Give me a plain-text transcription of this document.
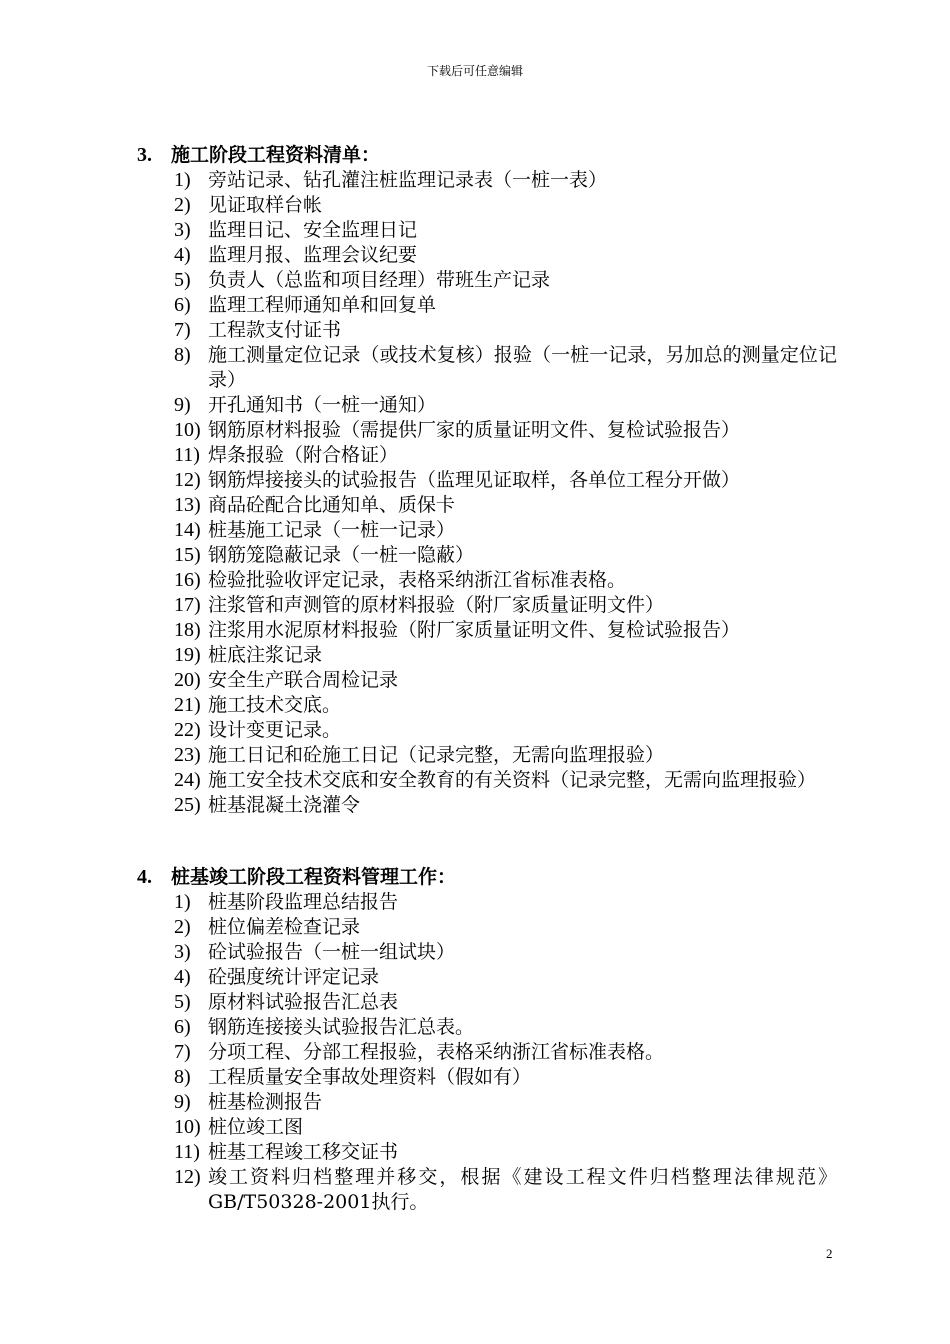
下载后可任意编辑
3. 施工阶段工程资料清单：
1) 旁站记录、钻孔灌注桩监理记录表（一桩一表）
2) 见证取样台帐
3) 监理日记、安全监理日记
4) 监理月报、监理会议纪要
5) 负责人（总监和项目经理）带班生产记录
6) 监理工程师通知单和回复单
7) 工程款支付证书
8) 施工测量定位记录（或技术复核）报验（一桩一记录，另加总的测量定位记录）
9) 开孔通知书（一桩一通知）
10) 钢筋原材料报验（需提供厂家的质量证明文件、复检试验报告）
11) 焊条报验（附合格证）
12) 钢筋焊接接头的试验报告（监理见证取样，各单位工程分开做）
13) 商品砼配合比通知单、质保卡
14) 桩基施工记录（一桩一记录）
15) 钢筋笼隐蔽记录（一桩一隐蔽）
16) 检验批验收评定记录，表格采纳浙江省标准表格。
17) 注浆管和声测管的原材料报验（附厂家质量证明文件）
18) 注浆用水泥原材料报验（附厂家质量证明文件、复检试验报告）
19) 桩底注浆记录
20) 安全生产联合周检记录
21) 施工技术交底。
22) 设计变更记录。
23) 施工日记和砼施工日记（记录完整，无需向监理报验）
24) 施工安全技术交底和安全教育的有关资料（记录完整，无需向监理报验）
25) 桩基混凝土浇灌令
4. 桩基竣工阶段工程资料管理工作：
1) 桩基阶段监理总结报告
2) 桩位偏差检查记录
3) 砼试验报告（一桩一组试块）
4) 砼强度统计评定记录
5) 原材料试验报告汇总表
6) 钢筋连接接头试验报告汇总表。
7) 分项工程、分部工程报验，表格采纳浙江省标准表格。
8) 工程质量安全事故处理资料（假如有）
9) 桩基检测报告
10) 桩位竣工图
11) 桩基工程竣工移交证书
12) 竣工资料归档整理并移交，根据《建设工程文件归档整理法律规范》GB/T50328-2001执行。
2
